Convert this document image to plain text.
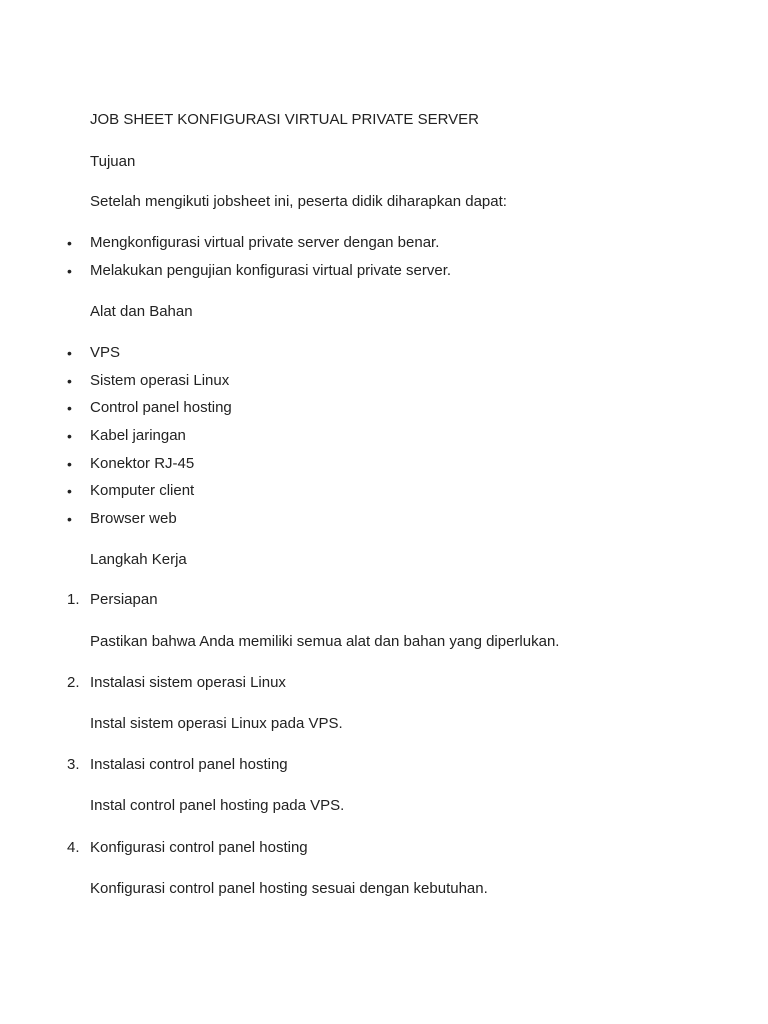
JOB SHEET KONFIGURASI VIRTUAL PRIVATE SERVER
Tujuan
Setelah mengikuti jobsheet ini, peserta didik diharapkan dapat:
• Mengkonfigurasi virtual private server dengan benar.
• Melakukan pengujian konfigurasi virtual private server.
Alat dan Bahan
• VPS
• Sistem operasi Linux
• Control panel hosting
• Kabel jaringan
• Konektor RJ-45
• Komputer client
• Browser web
Langkah Kerja
1. Persiapan
Pastikan bahwa Anda memiliki semua alat dan bahan yang diperlukan.
2. Instalasi sistem operasi Linux
Instal sistem operasi Linux pada VPS.
3. Instalasi control panel hosting
Instal control panel hosting pada VPS.
4. Konfigurasi control panel hosting
Konfigurasi control panel hosting sesuai dengan kebutuhan.
